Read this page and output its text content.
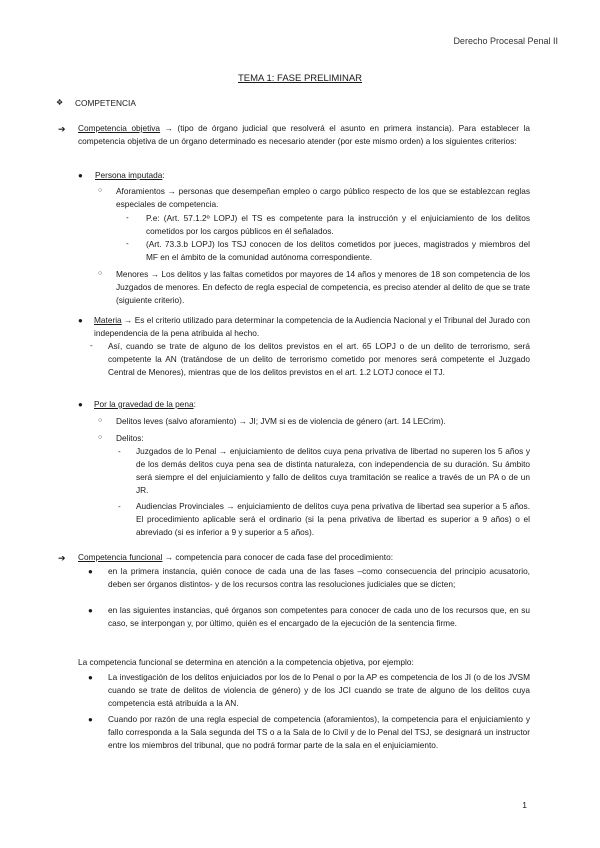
Derecho Procesal Penal II
TEMA 1: FASE PRELIMINAR
❖ COMPETENCIA
➔ Competencia objetiva → (tipo de órgano judicial que resolverá el asunto en primera instancia). Para establecer la competencia objetiva de un órgano determinado es necesario atender (por este mismo orden) a los siguientes criterios:
● Persona imputada:
○ Aforamientos → personas que desempeñan empleo o cargo público respecto de los que se establezcan reglas especiales de competencia.
- P.e: (Art. 57.1.2º LOPJ) el TS es competente para la instrucción y el enjuiciamiento de los delitos cometidos por los cargos públicos en él señalados.
- (Art. 73.3.b LOPJ) los TSJ conocen de los delitos cometidos por jueces, magistrados y miembros del MF en el ámbito de la comunidad autónoma correspondiente.
○ Menores → Los delitos y las faltas cometidos por mayores de 14 años y menores de 18 son competencia de los Juzgados de menores. En defecto de regla especial de competencia, es preciso atender al delito de que se trate (siguiente criterio).
● Materia → Es el criterio utilizado para determinar la competencia de la Audiencia Nacional y el Tribunal del Jurado con independencia de la pena atribuida al hecho.
- Así, cuando se trate de alguno de los delitos previstos en el art. 65 LOPJ o de un delito de terrorismo, será competente la AN (tratándose de un delito de terrorismo cometido por menores será competente el Juzgado Central de Menores), mientras que de los delitos previstos en el art. 1.2 LOTJ conoce el TJ.
● Por la gravedad de la pena:
○ Delitos leves (salvo aforamiento) → JI; JVM si es de violencia de género (art. 14 LECrim).
○ Delitos:
- Juzgados de lo Penal → enjuiciamiento de delitos cuya pena privativa de libertad no superen los 5 años y de los demás delitos cuya pena sea de distinta naturaleza, con independencia de su duración. Su ámbito será siempre el del enjuiciamiento y fallo de delitos cuya tramitación se realice a través de un PA o de un JR.
- Audiencias Provinciales → enjuiciamiento de delitos cuya pena privativa de libertad sea superior a 5 años. El procedimiento aplicable será el ordinario (si la pena privativa de libertad es superior a 9 años) o el abreviado (si es inferior a 9 y superior a 5 años).
➔ Competencia funcional → competencia para conocer de cada fase del procedimiento:
● en la primera instancia, quién conoce de cada una de las fases –como consecuencia del principio acusatorio, deben ser órganos distintos- y de los recursos contra las resoluciones judiciales que se dicten;
● en las siguientes instancias, qué órganos son competentes para conocer de cada uno de los recursos que, en su caso, se interpongan y, por último, quién es el encargado de la ejecución de la sentencia firme.
La competencia funcional se determina en atención a la competencia objetiva, por ejemplo:
● La investigación de los delitos enjuiciados por los de lo Penal o por la AP es competencia de los JI (o de los JVSM cuando se trate de delitos de violencia de género) y de los JCI cuando se trate de alguno de los delitos cuya competencia está atribuida a la AN.
● Cuando por razón de una regla especial de competencia (aforamientos), la competencia para el enjuiciamiento y fallo corresponda a la Sala segunda del TS o a la Sala de lo Civil y de lo Penal del TSJ, se designará un instructor entre los miembros del tribunal, que no podrá formar parte de la sala en el enjuiciamiento.
1
